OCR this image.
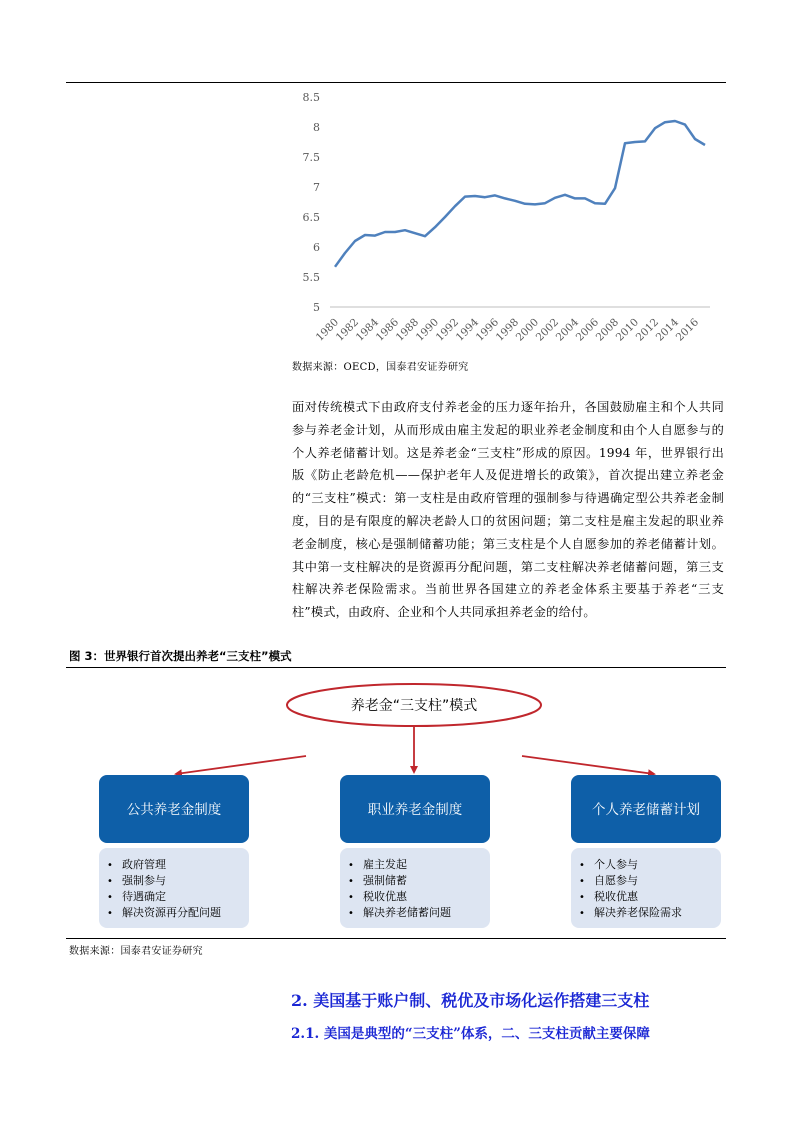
8.5
8
7.5
7
6.5
6
5.5
5
1980
1982
1984
1986
1988
1990
1992
1994
1996
1998
2000
2002
2004
2006
2008
2010
2012
2014
2016
数据来源：OECD，国泰君安证券研究

面对传统模式下由政府支付养老金的压力逐年抬升，各国鼓励雇主和个人共同参与养老金计划，从而形成由雇主发起的职业养老金制度和由个人自愿参与的个人养老储蓄计划。这是养老金“三支柱”形成的原因。1994 年，世界银行出版《防止老龄危机——保护老年人及促进增长的政策》，首次提出建立养老金的“三支柱”模式：第一支柱是由政府管理的强制参与待遇确定型公共养老金制度，目的是有限度的解决老龄人口的贫困问题；第二支柱是雇主发起的职业养老金制度，核心是强制储蓄功能；第三支柱是个人自愿参加的养老储蓄计划。其中第一支柱解决的是资源再分配问题，第二支柱解决养老储蓄问题，第三支柱解决养老保险需求。当前世界各国建立的养老金体系主要基于养老“三支柱”模式，由政府、企业和个人共同承担养老金的给付。

图 3：世界银行首次提出养老“三支柱”模式
养老金“三支柱”模式
公共养老金制度
• 政府管理
• 强制参与
• 待遇确定
• 解决资源再分配问题
职业养老金制度
• 雇主发起
• 强制储蓄
• 税收优惠
• 解决养老储蓄问题
个人养老储蓄计划
• 个人参与
• 自愿参与
• 税收优惠
• 解决养老保险需求
数据来源：国泰君安证券研究
2. 美国基于账户制、税优及市场化运作搭建三支柱
2.1. 美国是典型的“三支柱”体系，二、三支柱贡献主要保障
